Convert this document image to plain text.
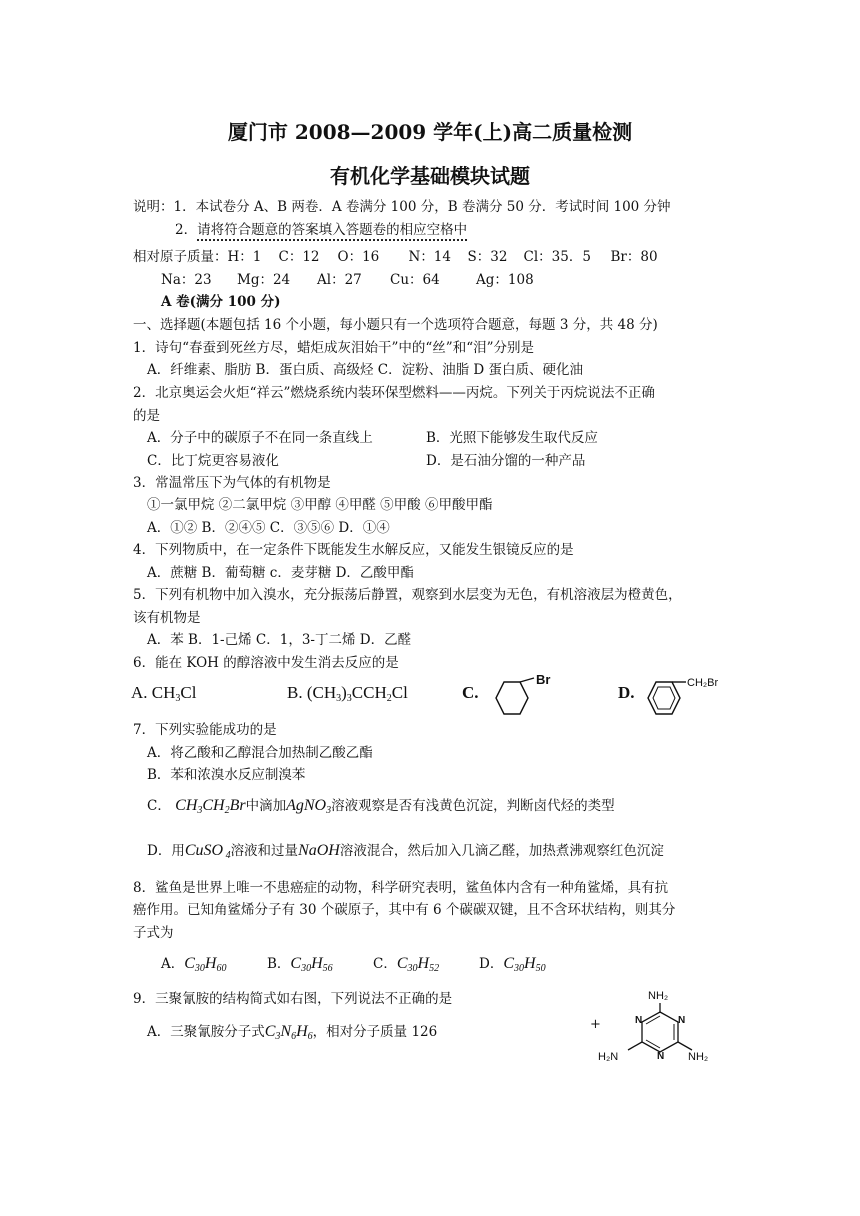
厦门市 2008—2009 学年(上)高二质量检测
有机化学基础模块试题
说明：1．本试卷分 A、B 两卷．A 卷满分 100 分，B 卷满分 50 分．考试时间 100 分钟
2．请将符合题意的答案填入答题卷的相应空格中
相对原子质量：H：1 C：12 O：16 N：14 S：32 Cl：35．5 Br：80
Na：23 Mg：24 Al：27 Cu：64	Ag：108
A 卷(满分 100 分)
一、选择题(本题包括 16 个小题，每小题只有一个选项符合题意，每题 3 分，共 48 分)
1．诗句“春蚕到死丝方尽，蜡炬成灰泪始干”中的“丝”和“泪”分别是
A．纤维素、脂肪 B．蛋白质、高级烃 C．淀粉、油脂 D 蛋白质、硬化油
2．北京奥运会火炬“祥云”燃烧系统内装环保型燃料——丙烷。下列关于丙烷说法不正确
的是
A．分子中的碳原子不在同一条直线上	B．光照下能够发生取代反应
C．比丁烷更容易液化	D．是石油分馏的一种产品
3．常温常压下为气体的有机物是
①一氯甲烷 ②二氯甲烷 ③甲醇 ④甲醛 ⑤甲酸 ⑥甲酸甲酯
A．①② B．②④⑤ C．③⑤⑥ D．①④
4．下列物质中，在一定条件下既能发生水解反应，又能发生银镜反应的是
A．蔗糖 B．葡萄糖 c．麦芽糖 D．乙酸甲酯
5．下列有机物中加入溴水，充分振荡后静置，观察到水层变为无色，有机溶液层为橙黄色，
该有机物是
A．苯 B．1-己烯 C．1，3-丁二烯 D．乙醛
6．能在 KOH 的醇溶液中发生消去反应的是
A. $CH_3Cl$	B. $(CH_3)_3CCH_2Cl$	C.
Br
D.	CH₂Br
7．下列实验能成功的是
A．将乙酸和乙醇混合加热制乙酸乙酯
B．苯和浓溴水反应制溴苯
C． $CH_3CH_2Br$中滴加AgNO$_3$溶液观察是否有浅黄色沉淀，判断卤代烃的类型
D．用CuSO $_4$溶液和过量NaOH溶液混合，然后加入几滴乙醛，加热煮沸观察红色沉淀
8．鲨鱼是世界上唯一不患癌症的动物，科学研究表明，鲨鱼体内含有一种角鲨烯，具有抗
癌作用。已知角鲨烯分子有 30 个碳原子，其中有 6 个碳碳双键，且不含环状结构，则其分
子式为
A．$C_{30}H_{60}$	B．$C_{30}H_{56}$	C．$C_{30}H_{52}$	D．$C_{30}H_{50}$
9．三聚氰胺的结构简式如右图，下列说法不正确的是
A．三聚氰胺分子式$C_3N_6H_6$，相对分子质量 126	+
NH₂
N
N
N
H₂N	NH₂
